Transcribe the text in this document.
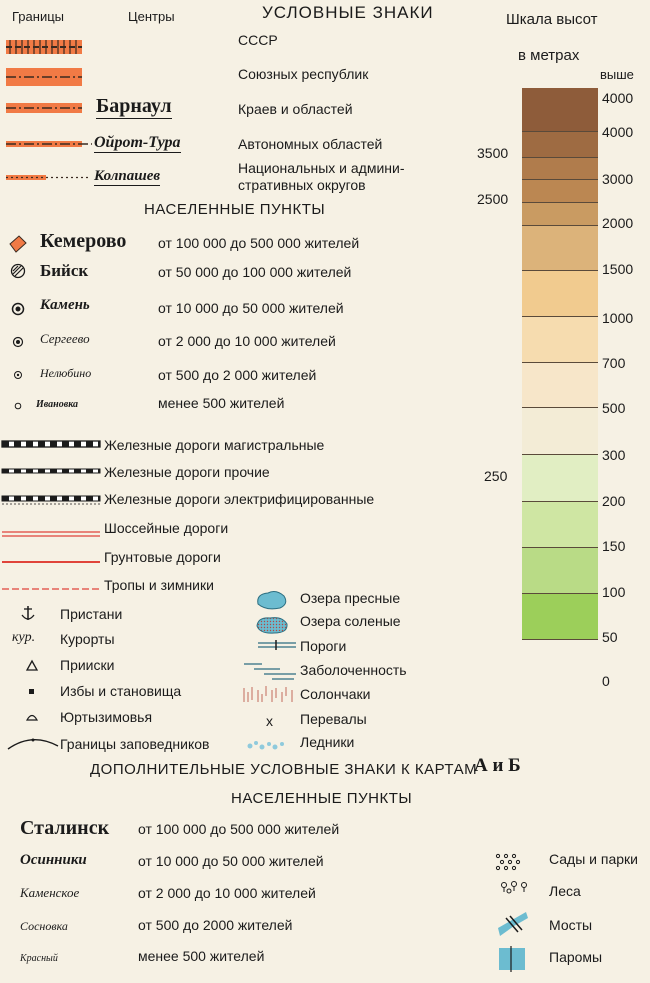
Границы	Центры	УСЛОВНЫЕ ЗНАКИ
СССР
Союзных республик
Барнаул	Краев и областей
Ойрот-Тура	Автономных областей
Колпашев	Национальных и админи-
стративных округов
НАСЕЛЕННЫЕ ПУНКТЫ
Кемерово от 100 000 до 500 000 жителей
Бийск	от 50 000 до 100 000 жителей
Камень	от 10 000 до 50 000 жителей
Сергеево	от 2 000 до 10 000 жителей
Нелюбино	от 500 до 2 000 жителей
Ивановка	менее 500 жителей
Железные дороги магистральные
Железные дороги прочие
Железные дороги электрифицированные
Шоссейные дороги
Грунтовые дороги
Тропы и зимники
Пристани
кур. Курорты
Прииски
Избы и становища
Юртызимовья
Границы заповедников
Озера пресные
Озера соленые
Пороги
Заболоченность
Солончаки
x Перевалы
Ледники
Шкала высот
в метрах
выше
4000
4000
3000
2000
1500
1000
700
500
300
200
150
100
50
0
3500
2500
250
ДОПОЛНИТЕЛЬНЫЕ УСЛОВНЫЕ ЗНАКИ К КАРТАМ
А и Б
НАСЕЛЕННЫЕ ПУНКТЫ
Сталинск от 100 000 до 500 000 жителей
Осинники	от 10 000 до 50 000 жителей
Каменское	от 2 000 до 10 000 жителей
Сосновка	от 500 до 2000 жителей
Красный	менее 500 жителей
Сады и парки
Леса
Мосты
Паромы
